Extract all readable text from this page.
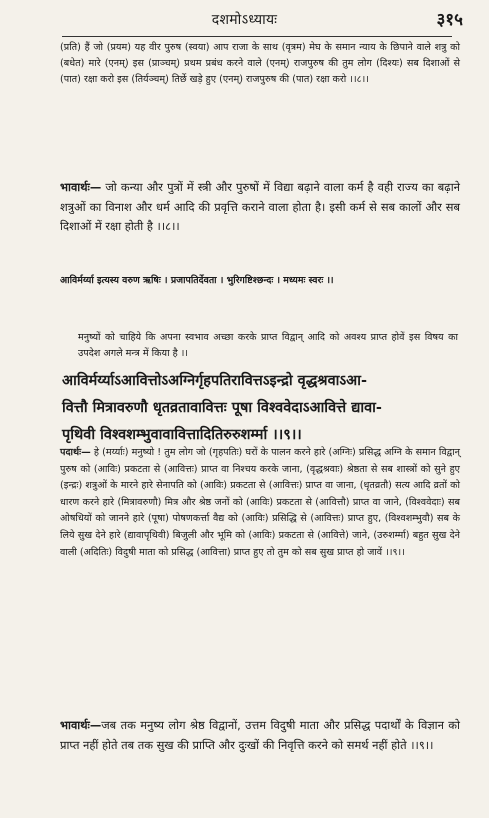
दशमोऽध्यायः	३१५
(प्रति) हैं जो (प्रयम) यह वीर पुरुष (स्वया) आप राजा के साथ (वृत्रम) मेघ के समान न्याय के छिपाने वाले शत्रु को (बधेत) मारे (एनम्) इस (प्राञ्चम्) प्रथम प्रबंध करने वाले (एनम्) राजपुरुष की तुम लोग (दिश्यः) सब दिशाओं से (पात) रक्षा करो इस (तिर्यञ्चम्) तिर्छे खड़े हुए (एनम्) राजपुरुष की (पात) रक्षा करो ।।८।।
भावार्थः— जो कन्या और पुत्रों में स्त्री और पुरुषों में विद्या बढ़ाने वाला कर्म है वही राज्य का बढ़ाने शत्रुओं का विनाश और धर्म आदि की प्रवृत्ति कराने वाला होता है। इसी कर्म से सब कालों और सब दिशाओं में रक्षा होती है ।।८।।
आविर्मर्य्या इत्यस्य वरुण ऋषिः । प्रजापतिर्देवता । भुरिगष्टिश्छन्दः । मध्यमः स्वरः ।।
मनुष्यों को चाहिये कि अपना स्वभाव अच्छा करके प्राप्त विद्वान् आदि को अवश्य प्राप्त होवें इस विषय का उपदेश अगले मन्त्र में किया है ।।
आविर्मर्य्याऽआवित्तोऽअग्निर्गृहपतिरावित्तऽइन्द्रो वृद्धश्रवाऽआ-
वित्तौ मित्रावरुणौ धृतव्रतावावित्तः पूषा विश्ववेदाऽआवित्ते द्यावा-
पृथिवी विश्वशम्भुवावावित्तादितिरुरुशर्म्मा ।।९।।
पदार्थः— हे (मर्य्याः) मनुष्यो ! तुम लोग जो (गृहपतिः) घरों के पालन करने हारे (अग्निः) प्रसिद्ध अग्नि के समान विद्वान् पुरुष को (आविः) प्रकटता से (आवित्तः) प्राप्त वा निश्चय करके जाना, (वृद्धश्रवाः) श्रेष्ठता से सब शास्त्रों को सुने हुए (इन्द्रः) शत्रुओं के मारने हारे सेनापति को (आविः) प्रकटता से (आवित्तः) प्राप्त वा जाना, (धृतव्रतौ) सत्य आदि व्रतों को धारण करने हारे (मित्रावरुणौ) मित्र और श्रेष्ठ जनों को (आविः) प्रकटता से (आवित्तौ) प्राप्त वा जाने, (विश्ववेदाः) सब ओषधियों को जानने हारे (पूषा) पोषणकर्त्ता वैद्य को (आविः) प्रसिद्धि से (आवित्तः) प्राप्त हुए, (विश्वशम्भुवौ) सब के लिये सुख देने हारे (द्यावापृथिवी) बिजुली और भूमि को (आविः) प्रकटता से (आवित्ते) जाने, (उरुशर्म्मा) बहुत सुख देने वाली (अदितिः) विदुषी माता को प्रसिद्ध (आवित्ता) प्राप्त हुए तो तुम को सब सुख प्राप्त हो जावें ।।९।।
भावार्थः—जब तक मनुष्य लोग श्रेष्ठ विद्वानों, उत्तम विदुषी माता और प्रसिद्ध पदार्थों के विज्ञान को प्राप्त नहीं होते तब तक सुख की प्राप्ति और दुःखों की निवृत्ति करने को समर्थ नहीं होते ।।९।।
